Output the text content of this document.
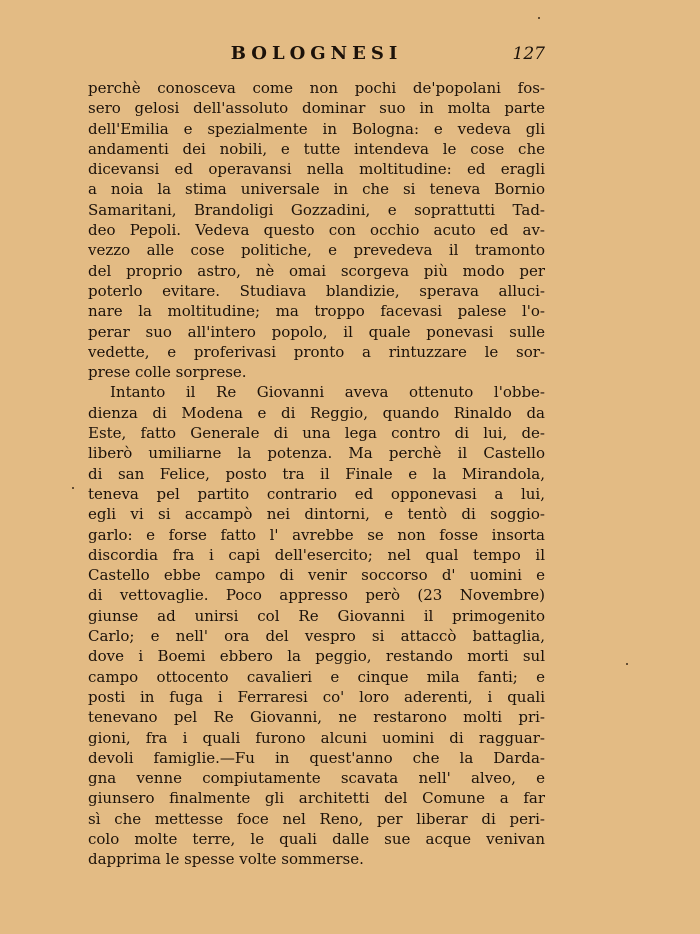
BOLOGNESI	127
perchè conosceva come non pochi de'popolani fos-
sero gelosi dell'assoluto dominar suo in molta parte
dell'Emilia e spezialmente in Bologna: e vedeva gli
andamenti dei nobili, e tutte intendeva le cose che
dicevansi ed operavansi nella moltitudine: ed eragli
a noia la stima universale in che si teneva Bornio
Samaritani, Brandoligi Gozzadini, e soprattutti Tad-
deo Pepoli. Vedeva questo con occhio acuto ed av-
vezzo alle cose politiche, e prevedeva il tramonto
del proprio astro, nè omai scorgeva più modo per
poterlo evitare. Studiava blandizie, sperava alluci-
nare la moltitudine; ma troppo facevasi palese l'o-
perar suo all'intero popolo, il quale ponevasi sulle
vedette, e proferivasi pronto a rintuzzare le sor-
prese colle sorprese.
Intanto il Re Giovanni aveva ottenuto l'obbe-
dienza di Modena e di Reggio, quando Rinaldo da
Este, fatto Generale di una lega contro di lui, de-
liberò umiliarne la potenza. Ma perchè il Castello
di san Felice, posto tra il Finale e la Mirandola,
teneva pel partito contrario ed opponevasi a lui,
egli vi si accampò nei dintorni, e tentò di soggio-
garlo: e forse fatto l' avrebbe se non fosse insorta
discordia fra i capi dell'esercito; nel qual tempo il
Castello ebbe campo di venir soccorso d' uomini e
di vettovaglie. Poco appresso però (23 Novembre)
giunse ad unirsi col Re Giovanni il primogenito
Carlo; e nell' ora del vespro si attaccò battaglia,
dove i Boemi ebbero la peggio, restando morti sul
campo ottocento cavalieri e cinque mila fanti; e
posti in fuga i Ferraresi co' loro aderenti, i quali
tenevano pel Re Giovanni, ne restarono molti pri-
gioni, fra i quali furono alcuni uomini di ragguar-
devoli famiglie.—Fu in quest'anno che la Darda-
gna venne compiutamente scavata nell' alveo, e
giunsero finalmente gli architetti del Comune a far
sì che mettesse foce nel Reno, per liberar di peri-
colo molte terre, le quali dalle sue acque venivan
dapprima le spesse volte sommerse.
